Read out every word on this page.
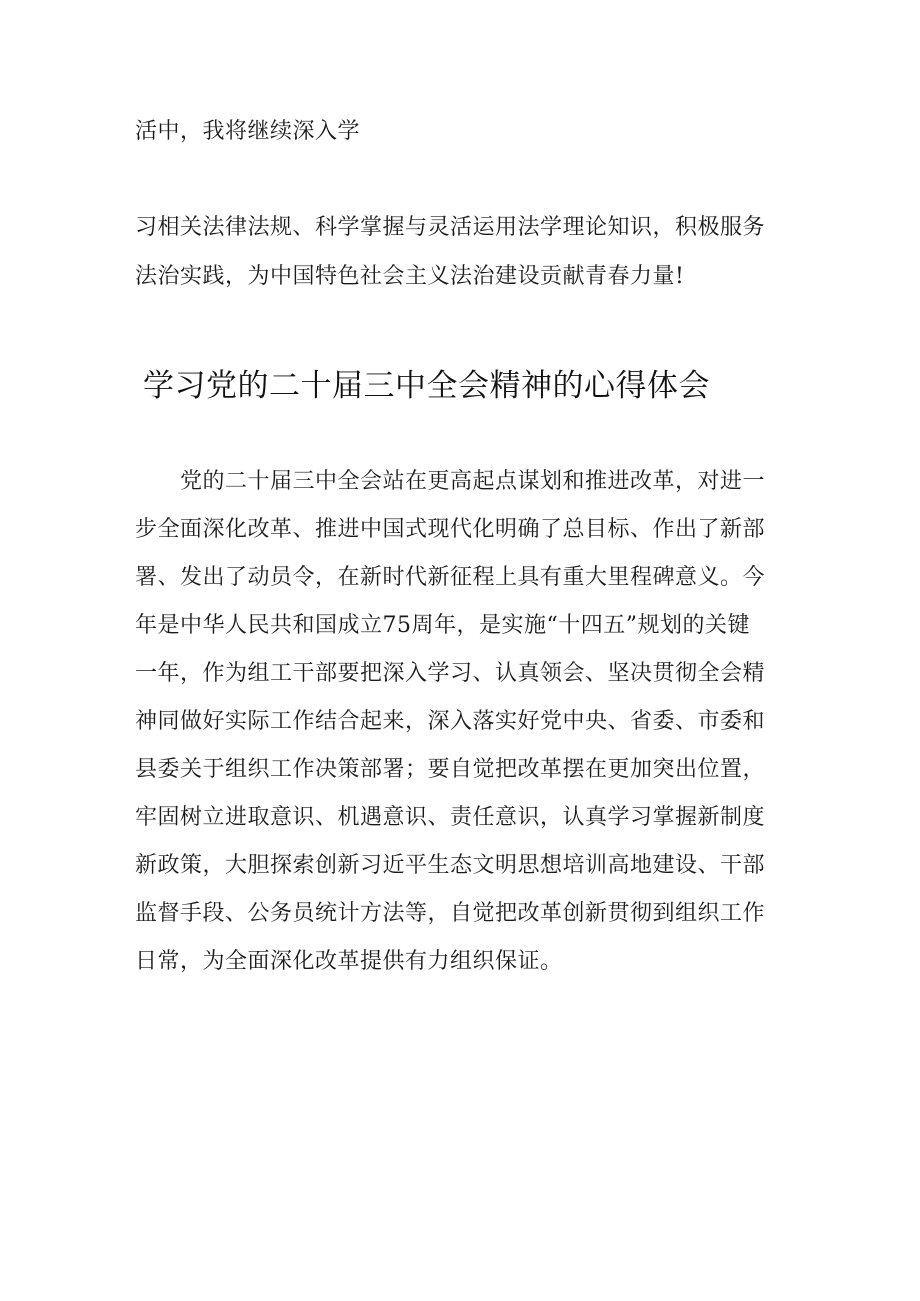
活中，我将继续深入学
习相关法律法规、科学掌握与灵活运用法学理论知识，积极服务
法治实践，为中国特色社会主义法治建设贡献青春力量!
学习党的二十届三中全会精神的心得体会
　　党的二十届三中全会站在更高起点谋划和推进改革，对进一
步全面深化改革、推进中国式现代化明确了总目标、作出了新部
署、发出了动员令，在新时代新征程上具有重大里程碑意义。今
年是中华人民共和国成立75周年，是实施“十四五”规划的关键
一年，作为组工干部要把深入学习、认真领会、坚决贯彻全会精
神同做好实际工作结合起来，深入落实好党中央、省委、市委和
县委关于组织工作决策部署；要自觉把改革摆在更加突出位置，
牢固树立进取意识、机遇意识、责任意识，认真学习掌握新制度
新政策，大胆探索创新习近平生态文明思想培训高地建设、干部
监督手段、公务员统计方法等，自觉把改革创新贯彻到组织工作
日常，为全面深化改革提供有力组织保证。
